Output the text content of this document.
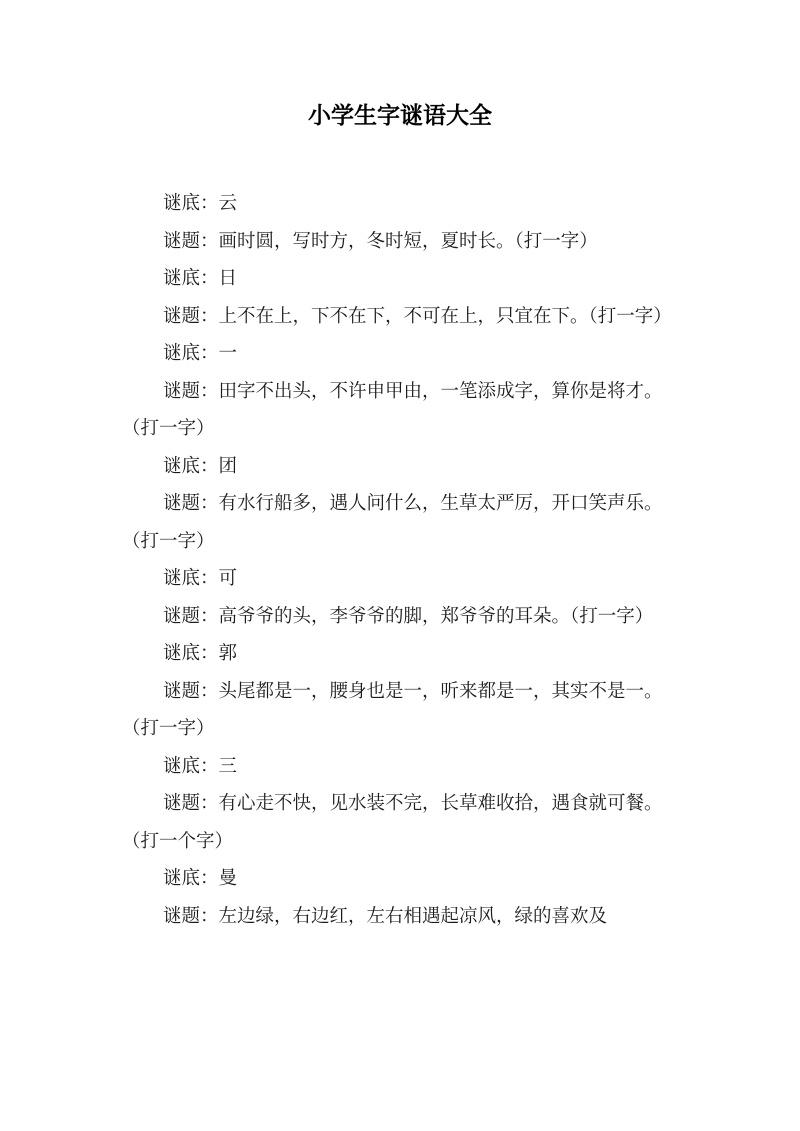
小学生字谜语大全

谜底：云

谜题：画时圆，写时方，冬时短，夏时长。（打一字）

谜底：日

谜题：上不在上，下不在下，不可在上，只宜在下。（打一字）

谜底：一

谜题：田字不出头，不许申甲由，一笔添成字，算你是将才。（打一字）

谜底：团

谜题：有水行船多，遇人问什么，生草太严厉，开口笑声乐。（打一字）

谜底：可

谜题：高爷爷的头，李爷爷的脚，郑爷爷的耳朵。（打一字）

谜底：郭

谜题：头尾都是一，腰身也是一，听来都是一，其实不是一。（打一字）

谜底：三

谜题：有心走不快，见水装不完，长草难收拾，遇食就可餐。（打一个字）

谜底：曼

谜题：左边绿，右边红，左右相遇起凉风，绿的喜欢及
